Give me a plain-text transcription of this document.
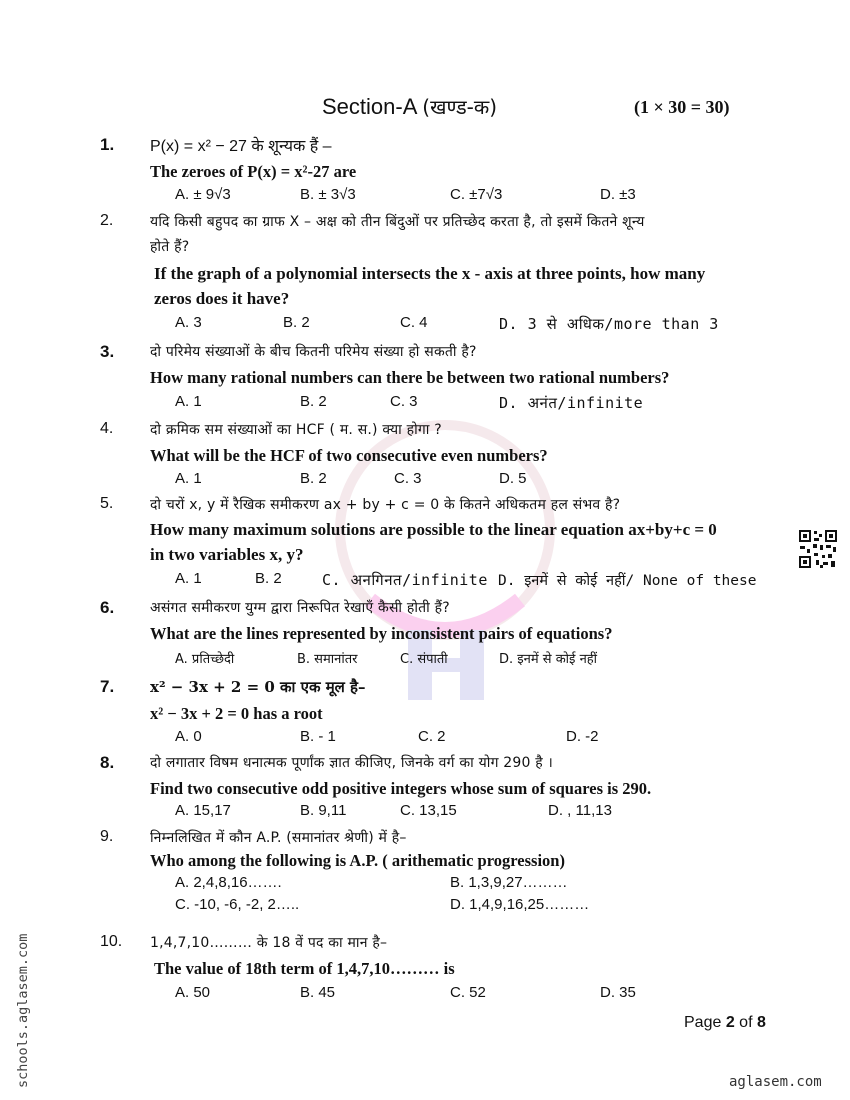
Section-A (खण्ड-क)	(1 × 30 = 30)
1. P(x) = x² − 27 के शून्यक हैं –
The zeroes of P(x) = x²-27 are
A. ± 9√3	B. ± 3√3	C. ±7√3	D. ±3
2.	यदि किसी बहुपद का ग्राफ X – अक्ष को तीन बिंदुओं पर प्रतिच्छेद करता है, तो इसमें कितने शून्य
होते हैं?
If the graph of a polynomial intersects the x - axis at three points, how many
zeros does it have?
A. 3	B. 2	C. 4	D. 3 से अधिक/more than 3
3.	दो परिमेय संख्याओं के बीच कितनी परिमेय संख्या हो सकती है?
How many rational numbers can there be between two rational numbers?
A. 1	B. 2	C. 3	D. अनंत/infinite
4.	दो क्रमिक सम संख्याओं का HCF ( म. स.) क्या होगा ?
What will be the HCF of two consecutive even numbers?
A. 1	B. 2	C. 3	D. 5
5.	दो चरों x, y में रैखिक समीकरण ax + by + c = 0 के कितने अधिकतम हल संभव है?
How many maximum solutions are possible to the linear equation ax+by+c = 0
in two variables x, y?
A. 1	B. 2	C. अनगिनत/infinite D. इनमें से कोई नहीं/ None of these
6.	असंगत समीकरण युग्म द्वारा निरूपित रेखाएँ कैसी होती हैं?
What are the lines represented by inconsistent pairs of equations?
A. प्रतिच्छेदी	B. समानांतर	C. संपाती	D. इनमें से कोई नहीं
7. x² − 3x + 2 = 0 का एक मूल है–
x² − 3x + 2 = 0 has a root
A. 0	B. - 1	C. 2	D. -2
8.	दो लगातार विषम धनात्मक पूर्णांक ज्ञात कीजिए, जिनके वर्ग का योग 290 है ।
Find two consecutive odd positive integers whose sum of squares is 290.
A. 15,17	B. 9,11	C. 13,15	D. , 11,13
9.	निम्नलिखित में कौन A.P. (समानांतर श्रेणी) में है–
Who among the following is A.P. ( arithematic progression)
A. 2,4,8,16…….	B. 1,3,9,27………
C. -10, -6, -2, 2…..	D. 1,4,9,16,25………
10. 1,4,7,10……… के 18 वें पद का मान है–
The value of 18th term of 1,4,7,10……… is
A. 50	B. 45	C. 52	D. 35
Page 2 of 8
aglasem.com
schools.aglasem.com
